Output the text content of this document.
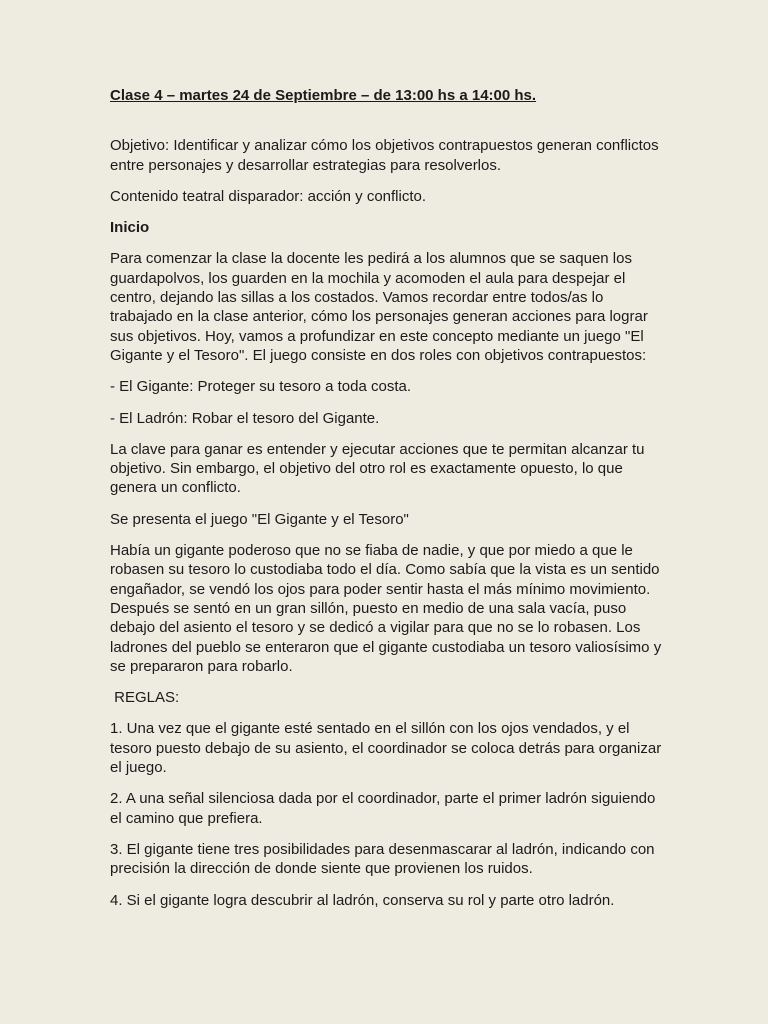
Clase 4 – martes 24 de Septiembre – de 13:00 hs a 14:00 hs.

Objetivo: Identificar y analizar cómo los objetivos contrapuestos generan conflictos entre personajes y desarrollar estrategias para resolverlos.

Contenido teatral disparador: acción y conflicto.

Inicio

Para comenzar la clase la docente les pedirá a los alumnos que se saquen los guardapolvos, los guarden en la mochila y acomoden el aula para despejar el centro, dejando las sillas a los costados. Vamos recordar entre todos/as lo trabajado en la clase anterior, cómo los personajes generan acciones para lograr sus objetivos. Hoy, vamos a profundizar en este concepto mediante un juego "El Gigante y el Tesoro". El juego consiste en dos roles con objetivos contrapuestos:

- El Gigante: Proteger su tesoro a toda costa.

- El Ladrón: Robar el tesoro del Gigante.

La clave para ganar es entender y ejecutar acciones que te permitan alcanzar tu objetivo. Sin embargo, el objetivo del otro rol es exactamente opuesto, lo que genera un conflicto.

Se presenta el juego "El Gigante y el Tesoro"

Había un gigante poderoso que no se fiaba de nadie, y que por miedo a que le robasen su tesoro lo custodiaba todo el día. Como sabía que la vista es un sentido engañador, se vendó los ojos para poder sentir hasta el más mínimo movimiento. Después se sentó en un gran sillón, puesto en medio de una sala vacía, puso debajo del asiento el tesoro y se dedicó a vigilar para que no se lo robasen. Los ladrones del pueblo se enteraron que el gigante custodiaba un tesoro valiosísimo y se prepararon para robarlo.

REGLAS:

1. Una vez que el gigante esté sentado en el sillón con los ojos vendados, y el tesoro puesto debajo de su asiento, el coordinador se coloca detrás para organizar el juego.

2. A una señal silenciosa dada por el coordinador, parte el primer ladrón siguiendo el camino que prefiera.

3. El gigante tiene tres posibilidades para desenmascarar al ladrón, indicando con precisión la dirección de donde siente que provienen los ruidos.

4. Si el gigante logra descubrir al ladrón, conserva su rol y parte otro ladrón.
